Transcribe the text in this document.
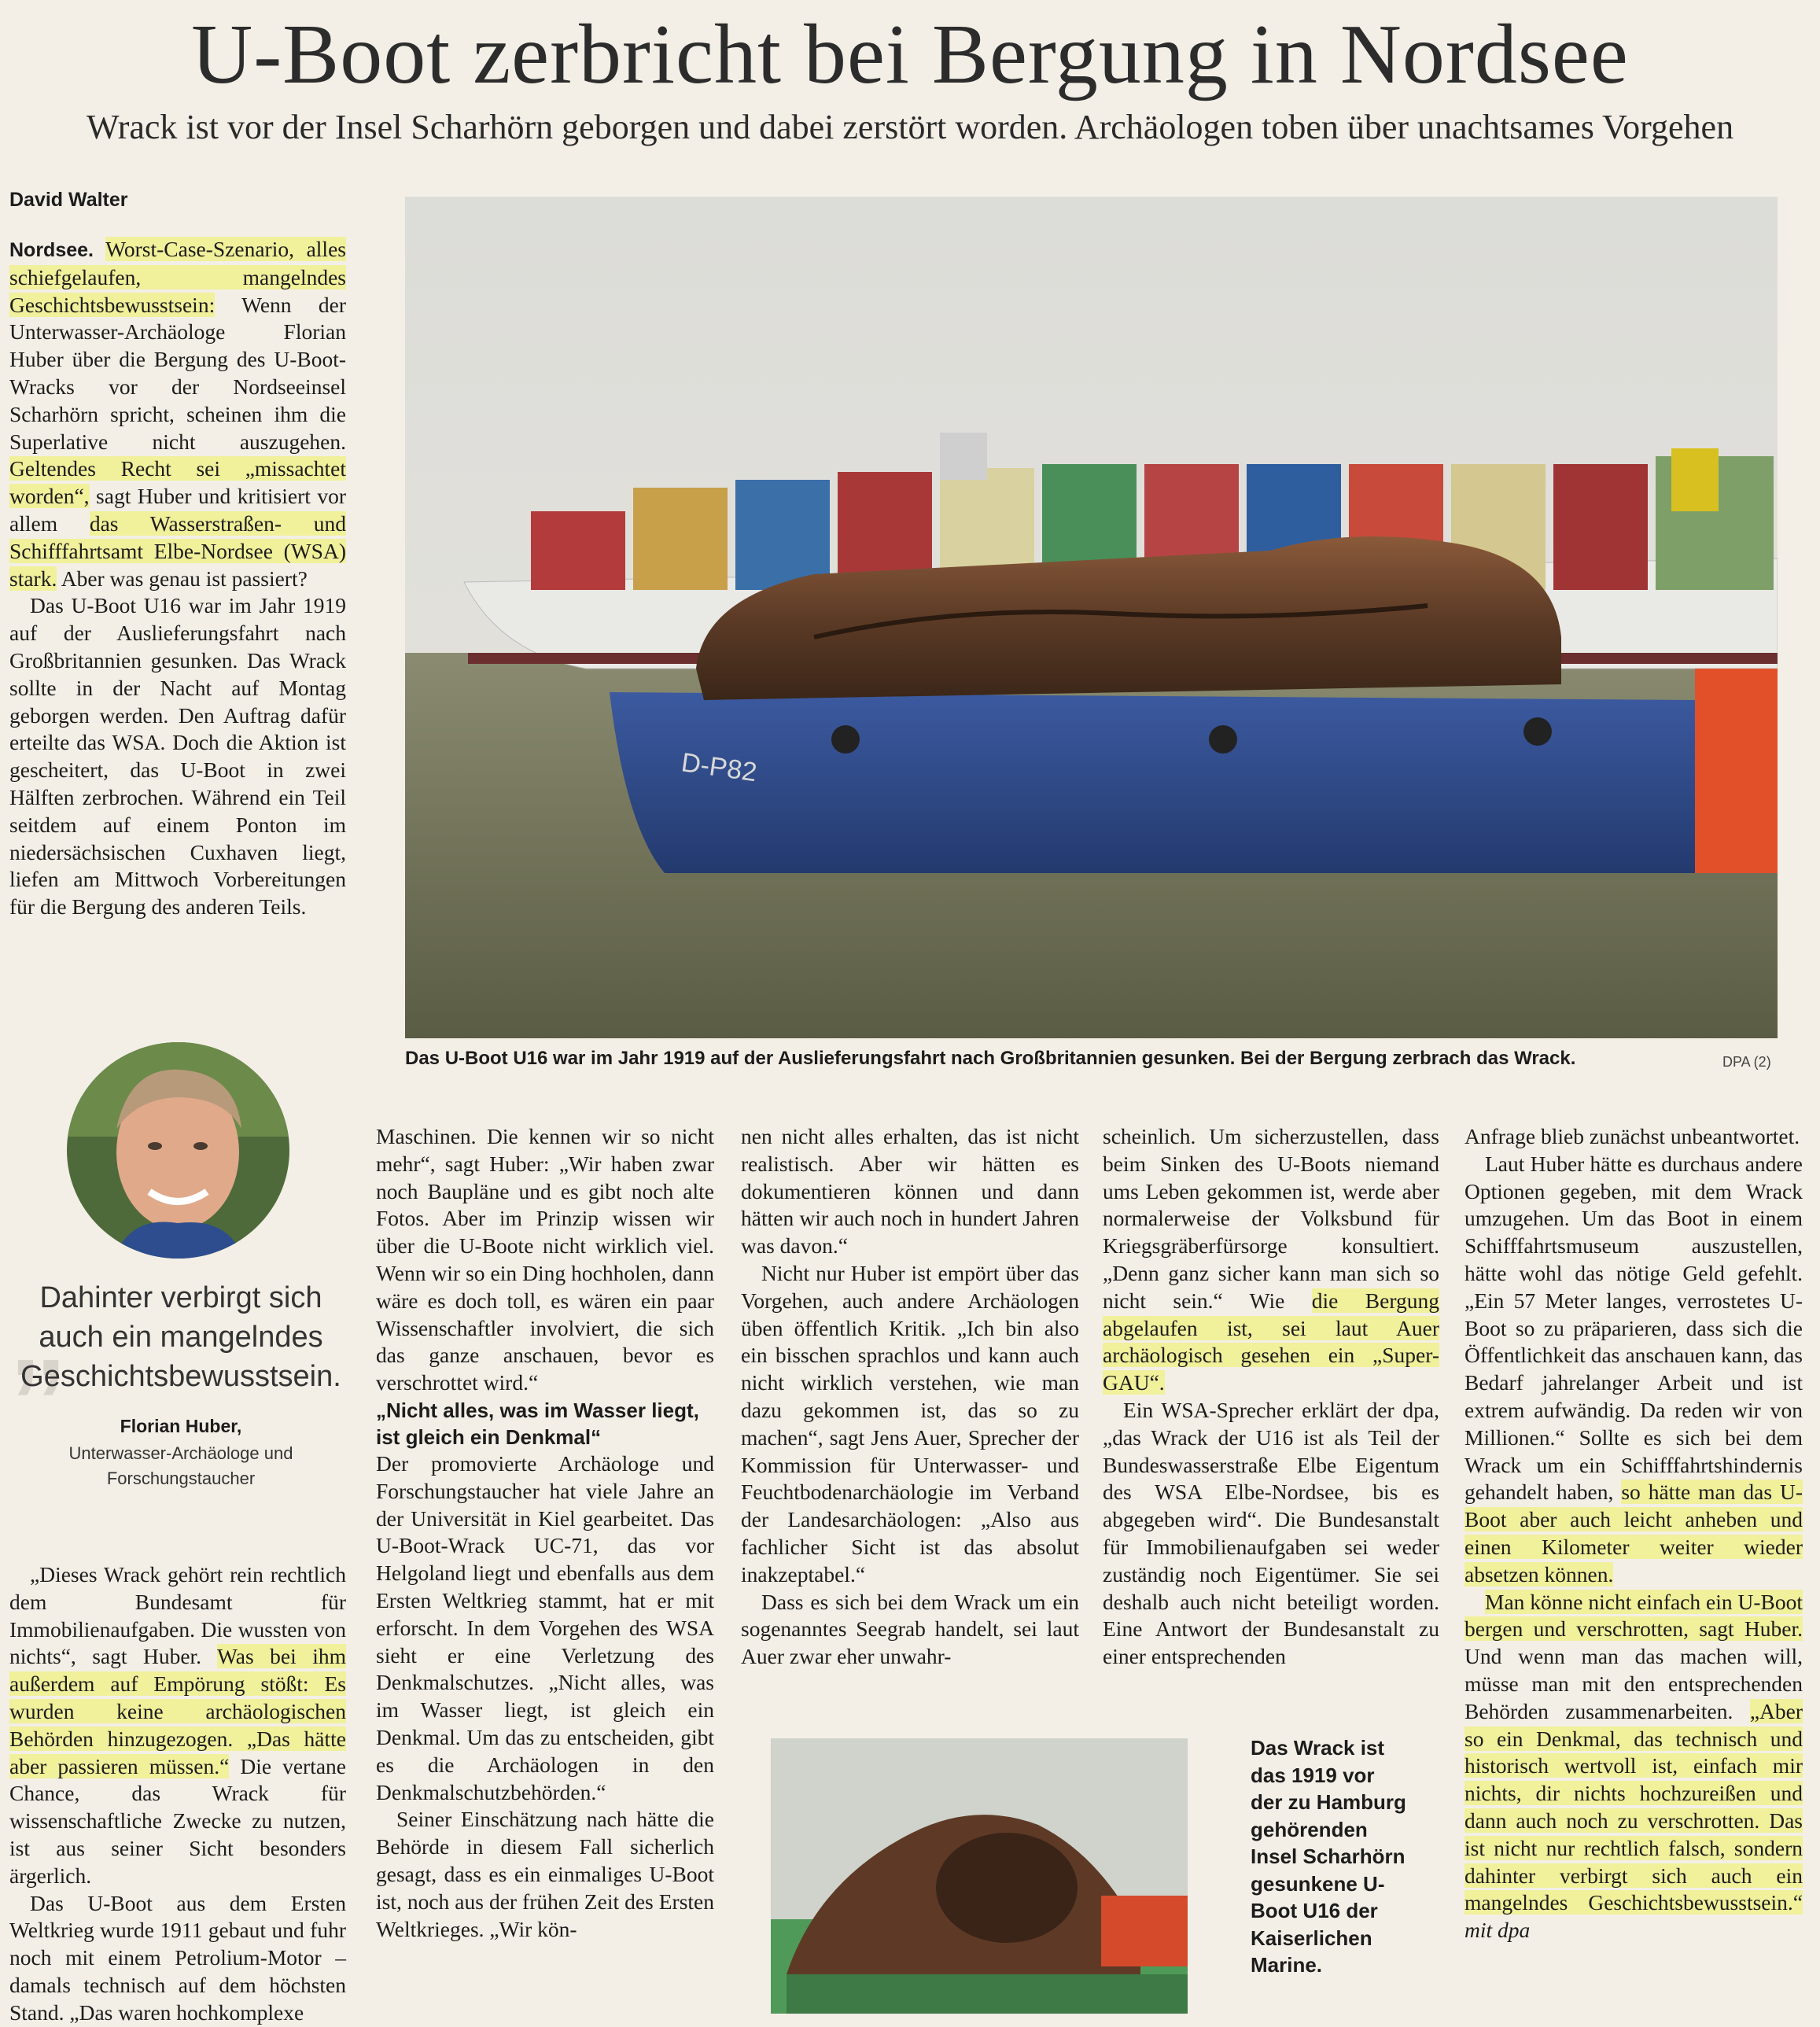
U-Boot zerbricht bei Bergung in Nordsee
Wrack ist vor der Insel Scharhörn geborgen und dabei zerstört worden. Archäologen toben über unachtsames Vorgehen
David Walter

Nordsee. Worst-Case-Szenario, alles schiefgelaufen, mangelndes Geschichtsbewusstsein: Wenn der Unterwasser-Archäologe Florian Huber über die Bergung des U-Boot-Wracks vor der Nordseeinsel Scharhörn spricht, scheinen ihm die Superlative nicht auszugehen. Geltendes Recht sei „missachtet worden“, sagt Huber und kritisiert vor allem das Wasserstraßen- und Schifffahrtsamt Elbe-Nordsee (WSA) stark. Aber was genau ist passiert?

Das U-Boot U16 war im Jahr 1919 auf der Auslieferungsfahrt nach Großbritannien gesunken. Das Wrack sollte in der Nacht auf Montag geborgen werden. Den Auftrag dafür erteilte das WSA. Doch die Aktion ist gescheitert, das U-Boot in zwei Hälften zerbrochen. Während ein Teil seitdem auf einem Ponton im niedersächsischen Cuxhaven liegt, liefen am Mittwoch Vorbereitungen für die Bergung des anderen Teils.

D-P82
Das U-Boot U16 war im Jahr 1919 auf der Auslieferungsfahrt nach Großbritannien gesunken. Bei der Bergung zerbrach das Wrack.	DPA (2)
„
Dahinter verbirgt sich auch ein mangelndes Geschichtsbewusstsein.
Florian Huber,
Unterwasser-Archäologe und Forschungstaucher

„Dieses Wrack gehört rein rechtlich dem Bundesamt für Immobilienaufgaben. Die wussten von nichts“, sagt Huber. Was bei ihm außerdem auf Empörung stößt: Es wurden keine archäologischen Behörden hinzugezogen. „Das hätte aber passieren müssen.“ Die vertane Chance, das Wrack für wissenschaftliche Zwecke zu nutzen, ist aus seiner Sicht besonders ärgerlich.

Das U-Boot aus dem Ersten Weltkrieg wurde 1911 gebaut und fuhr noch mit einem Petrolium-Motor – damals technisch auf dem höchsten Stand. „Das waren hochkomplexe

Maschinen. Die kennen wir so nicht mehr“, sagt Huber: „Wir haben zwar noch Baupläne und es gibt noch alte Fotos. Aber im Prinzip wissen wir über die U-Boote nicht wirklich viel. Wenn wir so ein Ding hochholen, dann wäre es doch toll, es wären ein paar Wissenschaftler involviert, die sich das ganze anschauen, bevor es verschrottet wird.“

„Nicht alles, was im Wasser liegt, ist gleich ein Denkmal“

Der promovierte Archäologe und Forschungstaucher hat viele Jahre an der Universität in Kiel gearbeitet. Das U-Boot-Wrack UC-71, das vor Helgoland liegt und ebenfalls aus dem Ersten Weltkrieg stammt, hat er mit erforscht. In dem Vorgehen des WSA sieht er eine Verletzung des Denkmalschutzes. „Nicht alles, was im Wasser liegt, ist gleich ein Denkmal. Um das zu entscheiden, gibt es die Archäologen in den Denkmalschutzbehörden.“

Seiner Einschätzung nach hätte die Behörde in diesem Fall sicherlich gesagt, dass es ein einmaliges U-Boot ist, noch aus der frühen Zeit des Ersten Weltkrieges. „Wir kön-

nen nicht alles erhalten, das ist nicht realistisch. Aber wir hätten es dokumentieren können und dann hätten wir auch noch in hundert Jahren was davon.“

Nicht nur Huber ist empört über das Vorgehen, auch andere Archäologen üben öffentlich Kritik. „Ich bin also ein bisschen sprachlos und kann auch nicht wirklich verstehen, wie man dazu gekommen ist, das so zu machen“, sagt Jens Auer, Sprecher der Kommission für Unterwasser- und Feuchtbodenarchäologie im Verband der Landesarchäologen: „Also aus fachlicher Sicht ist das absolut inakzeptabel.“

Dass es sich bei dem Wrack um ein sogenanntes Seegrab handelt, sei laut Auer zwar eher unwahr-

scheinlich. Um sicherzustellen, dass beim Sinken des U-Boots niemand ums Leben gekommen ist, werde aber normalerweise der Volksbund für Kriegsgräberfürsorge konsultiert. „Denn ganz sicher kann man sich so nicht sein.“ Wie die Bergung abgelaufen ist, sei laut Auer archäologisch gesehen ein „Super-GAU“.

Ein WSA-Sprecher erklärt der dpa, „das Wrack der U16 ist als Teil der Bundeswasserstraße Elbe Eigentum des WSA Elbe-Nordsee, bis es abgegeben wird“. Die Bundesanstalt für Immobilienaufgaben sei weder zuständig noch Eigentümer. Sie sei deshalb auch nicht beteiligt worden. Eine Antwort der Bundesanstalt zu einer entsprechenden

Anfrage blieb zunächst unbeantwortet.

Laut Huber hätte es durchaus andere Optionen gegeben, mit dem Wrack umzugehen. Um das Boot in einem Schifffahrtsmuseum auszustellen, hätte wohl das nötige Geld gefehlt. „Ein 57 Meter langes, verrostetes U-Boot so zu präparieren, dass sich die Öffentlichkeit das anschauen kann, das Bedarf jahrelanger Arbeit und ist extrem aufwändig. Da reden wir von Millionen.“ Sollte es sich bei dem Wrack um ein Schifffahrtshindernis gehandelt haben, so hätte man das U-Boot aber auch leicht anheben und einen Kilometer weiter wieder absetzen können.

Man könne nicht einfach ein U-Boot bergen und verschrotten, sagt Huber. Und wenn man das machen will, müsse man mit den entsprechenden Behörden zusammenarbeiten. „Aber so ein Denkmal, das technisch und historisch wertvoll ist, einfach mir nichts, dir nichts hochzureißen und dann auch noch zu verschrotten. Das ist nicht nur rechtlich falsch, sondern dahinter verbirgt sich auch ein mangelndes Geschichtsbewusstsein.“ mit dpa

Das Wrack ist das 1919 vor der zu Hamburg gehörenden Insel Scharhörn gesunkene U-Boot U16 der Kaiserlichen Marine.
